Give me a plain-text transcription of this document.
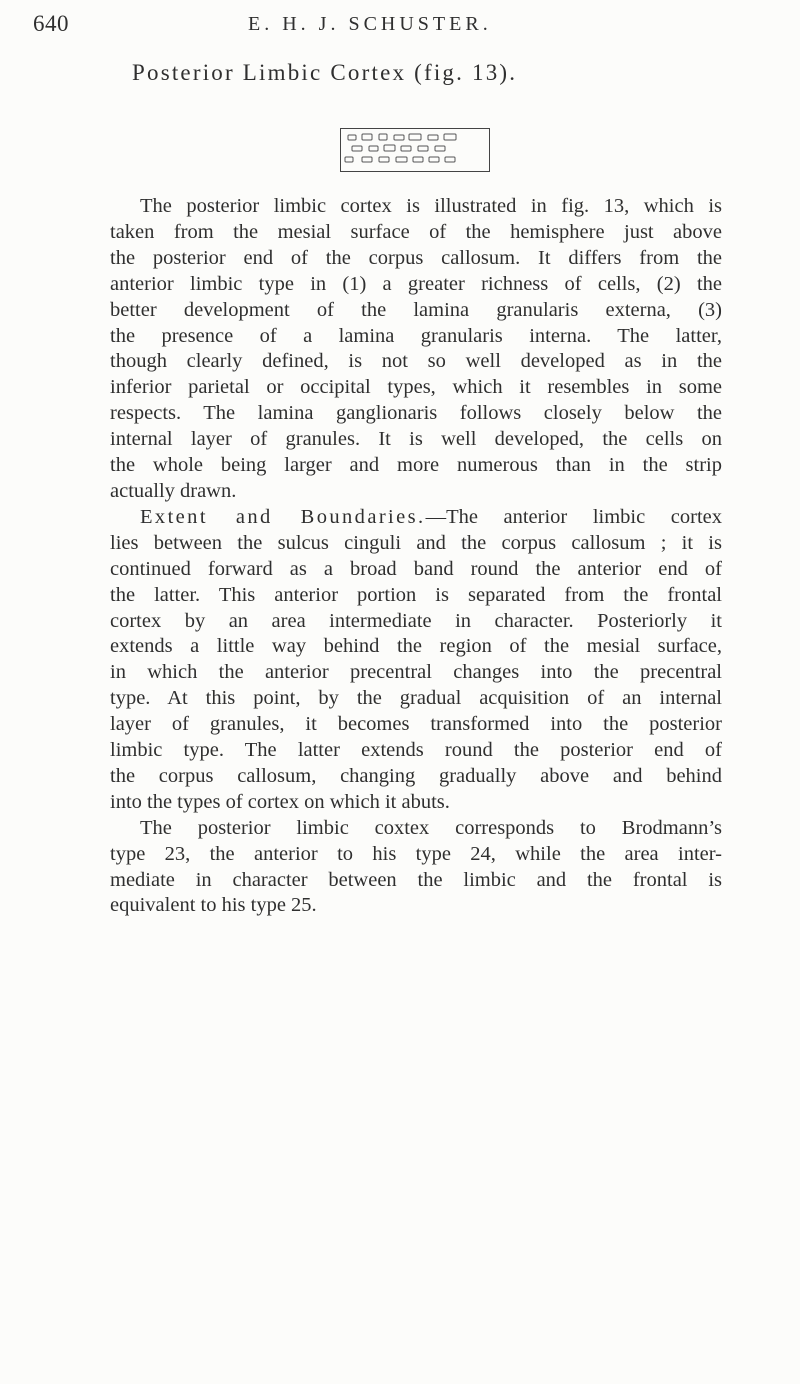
640	E. H. J. SCHUSTER.
Posterior Limbic Cortex (fig. 13).
The posterior limbic cortex is illustrated in fig. 13, which is
taken from the mesial surface of the hemisphere just above
the posterior end of the corpus callosum. It differs from the
anterior limbic type in (1) a greater richness of cells, (2) the
better development of the lamina granularis externa, (3)
the presence of a lamina granularis interna. The latter,
though clearly defined, is not so well developed as in the
inferior parietal or occipital types, which it resembles in some
respects. The lamina ganglionaris follows closely below the
internal layer of granules. It is well developed, the cells on
the whole being larger and more numerous than in the strip
actually drawn.
Extent and Boundaries.—The anterior limbic cortex
lies between the sulcus cinguli and the corpus callosum ; it is
continued forward as a broad band round the anterior end of
the latter. This anterior portion is separated from the frontal
cortex by an area intermediate in character. Posteriorly it
extends a little way behind the region of the mesial surface,
in which the anterior precentral changes into the precentral
type. At this point, by the gradual acquisition of an internal
layer of granules, it becomes transformed into the posterior
limbic type. The latter extends round the posterior end of
the corpus callosum, changing gradually above and behind
into the types of cortex on which it abuts.
The posterior limbic coxtex corresponds to Brodmann’s
type 23, the anterior to his type 24, while the area inter-
mediate in character between the limbic and the frontal is
equivalent to his type 25.
